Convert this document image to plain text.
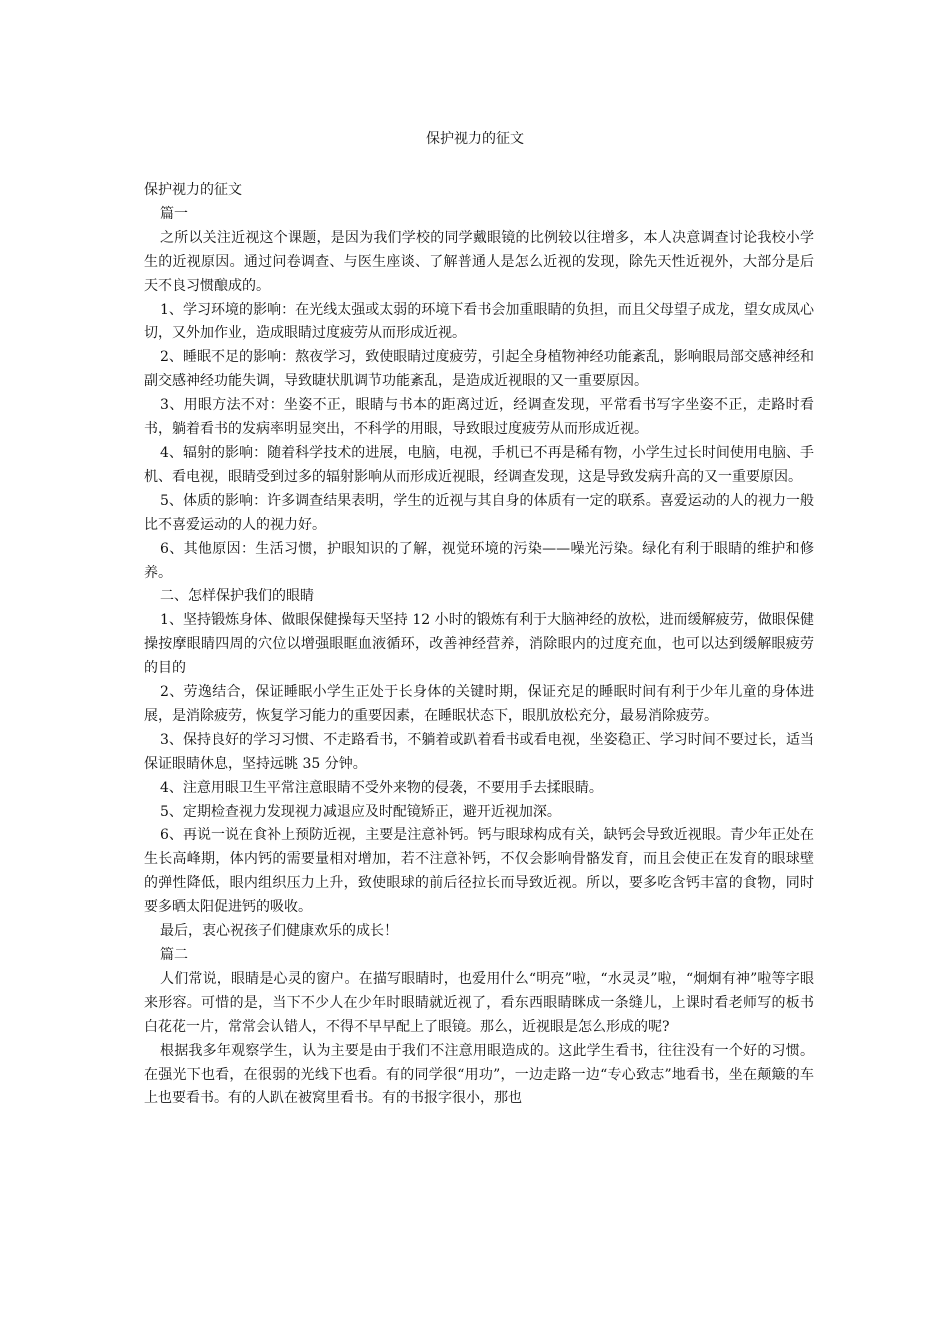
保护视力的征文

保护视力的征文

篇一

之所以关注近视这个课题，是因为我们学校的同学戴眼镜的比例较以往增多，本人决意调查讨论我校小学生的近视原因。通过问卷调查、与医生座谈、了解普通人是怎么近视的发现，除先天性近视外，大部分是后天不良习惯酿成的。

1、学习环境的影响：在光线太强或太弱的环境下看书会加重眼睛的负担，而且父母望子成龙，望女成凤心切，又外加作业，造成眼睛过度疲劳从而形成近视。

2、睡眠不足的影响：熬夜学习，致使眼睛过度疲劳，引起全身植物神经功能紊乱，影响眼局部交感神经和副交感神经功能失调，导致睫状肌调节功能紊乱，是造成近视眼的又一重要原因。

3、用眼方法不对：坐姿不正，眼睛与书本的距离过近，经调查发现，平常看书写字坐姿不正，走路时看书，躺着看书的发病率明显突出，不科学的用眼，导致眼过度疲劳从而形成近视。

4、辐射的影响：随着科学技术的进展，电脑，电视，手机已不再是稀有物，小学生过长时间使用电脑、手机、看电视，眼睛受到过多的辐射影响从而形成近视眼，经调查发现，这是导致发病升高的又一重要原因。

5、体质的影响：许多调查结果表明，学生的近视与其自身的体质有一定的联系。喜爱运动的人的视力一般比不喜爱运动的人的视力好。

6、其他原因：生活习惯，护眼知识的了解，视觉环境的污染——噪光污染。绿化有利于眼睛的维护和修养。

二、怎样保护我们的眼睛

1、坚持锻炼身体、做眼保健操每天坚持 12 小时的锻炼有利于大脑神经的放松，进而缓解疲劳，做眼保健操按摩眼睛四周的穴位以增强眼眶血液循环，改善神经营养，消除眼内的过度充血，也可以达到缓解眼疲劳的目的

2、劳逸结合，保证睡眠小学生正处于长身体的关键时期，保证充足的睡眠时间有利于少年儿童的身体进展，是消除疲劳，恢复学习能力的重要因素，在睡眠状态下，眼肌放松充分，最易消除疲劳。

3、保持良好的学习习惯、不走路看书，不躺着或趴着看书或看电视，坐姿稳正、学习时间不要过长，适当保证眼睛休息，坚持远眺 35 分钟。

4、注意用眼卫生平常注意眼睛不受外来物的侵袭，不要用手去揉眼睛。

5、定期检查视力发现视力减退应及时配镜矫正，避开近视加深。

6、再说一说在食补上预防近视，主要是注意补钙。钙与眼球构成有关，缺钙会导致近视眼。青少年正处在生长高峰期，体内钙的需要量相对增加，若不注意补钙，不仅会影响骨骼发育，而且会使正在发育的眼球壁的弹性降低，眼内组织压力上升，致使眼球的前后径拉长而导致近视。所以，要多吃含钙丰富的食物，同时要多晒太阳促进钙的吸收。

最后，衷心祝孩子们健康欢乐的成长！

篇二

人们常说，眼睛是心灵的窗户。在描写眼睛时，也爱用什么“明亮”啦，“水灵灵”啦，“炯炯有神”啦等字眼来形容。可惜的是，当下不少人在少年时眼睛就近视了，看东西眼睛眯成一条缝儿，上课时看老师写的板书白花花一片，常常会认错人，不得不早早配上了眼镜。那么，近视眼是怎么形成的呢?

根据我多年观察学生，认为主要是由于我们不注意用眼造成的。这此学生看书，往往没有一个好的习惯。在强光下也看，在很弱的光线下也看。有的同学很“用功”，一边走路一边“专心致志”地看书，坐在颠簸的车上也要看书。有的人趴在被窝里看书。有的书报字很小，那也
